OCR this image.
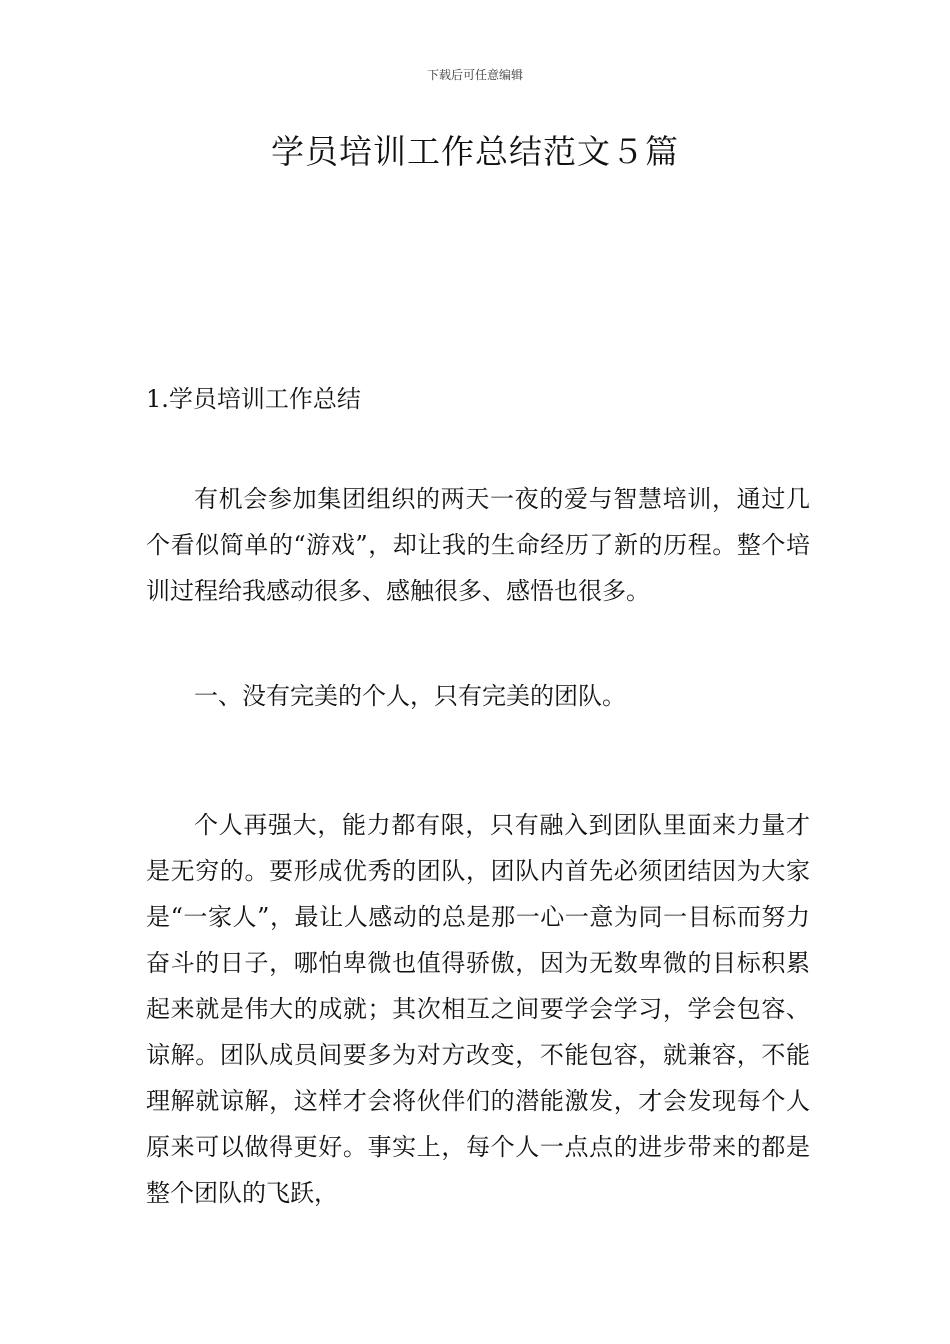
下载后可任意编辑
学员培训工作总结范文５篇
1.学员培训工作总结

有机会参加集团组织的两天一夜的爱与智慧培训，通过几个看似简单的“游戏”，却让我的生命经历了新的历程。整个培训过程给我感动很多、感触很多、感悟也很多。

一、没有完美的个人，只有完美的团队。

个人再强大，能力都有限，只有融入到团队里面来力量才是无穷的。要形成优秀的团队，团队内首先必须团结因为大家是“一家人”，最让人感动的总是那一心一意为同一目标而努力奋斗的日子，哪怕卑微也值得骄傲，因为无数卑微的目标积累起来就是伟大的成就；其次相互之间要学会学习，学会包容、谅解。团队成员间要多为对方改变，不能包容，就兼容，不能理解就谅解，这样才会将伙伴们的潜能激发，才会发现每个人原来可以做得更好。事实上，每个人一点点的进步带来的都是整个团队的飞跃，
